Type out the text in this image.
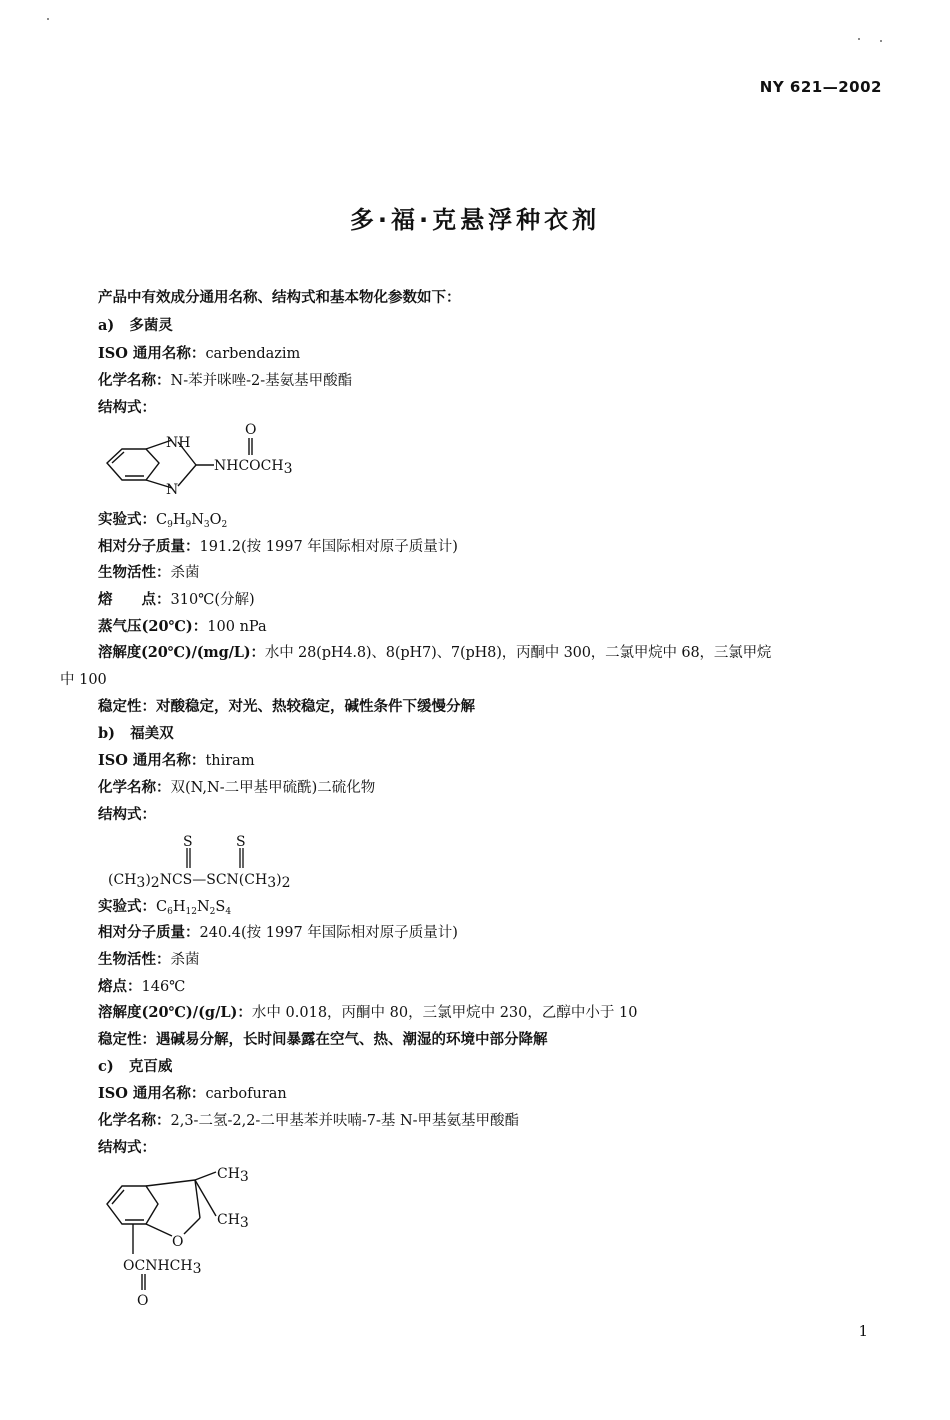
NY 621—2002
多·福·克悬浮种衣剂
产品中有效成分通用名称、结构式和基本物化参数如下：
a) 多菌灵
ISO 通用名称：carbendazim
化学名称：N-苯并咪唑-2-基氨基甲酸酯
结构式：
NH
N
O
NHCOCH3
实验式：$C_9H_9N_3O_2$
相对分子质量：191.2(按 1997 年国际相对原子质量计)
生物活性：杀菌
熔　　点：310℃(分解)
蒸气压(20℃)：100 nPa
溶解度(20℃)/(mg/L)：水中 28(pH4.8)、8(pH7)、7(pH8)，丙酮中 300，二氯甲烷中 68，三氯甲烷
中 100
稳定性：对酸稳定，对光、热较稳定，碱性条件下缓慢分解
b) 福美双
ISO 通用名称：thiram
化学名称：双(N,N-二甲基甲硫酰)二硫化物
结构式：
S	S
(CH3)2NCS—SCN(CH3)2
实验式：$C_6H_{12}N_2S_4$
相对分子质量：240.4(按 1997 年国际相对原子质量计)
生物活性：杀菌
熔点：146℃
溶解度(20℃)/(g/L)：水中 0.018，丙酮中 80，三氯甲烷中 230，乙醇中小于 10
稳定性：遇碱易分解，长时间暴露在空气、热、潮湿的环境中部分降解
c) 克百威
ISO 通用名称：carbofuran
化学名称：2,3-二氢-2,2-二甲基苯并呋喃-7-基 N-甲基氨基甲酸酯
结构式：
CH3
CH3
O
OCNHCH3
O
1
